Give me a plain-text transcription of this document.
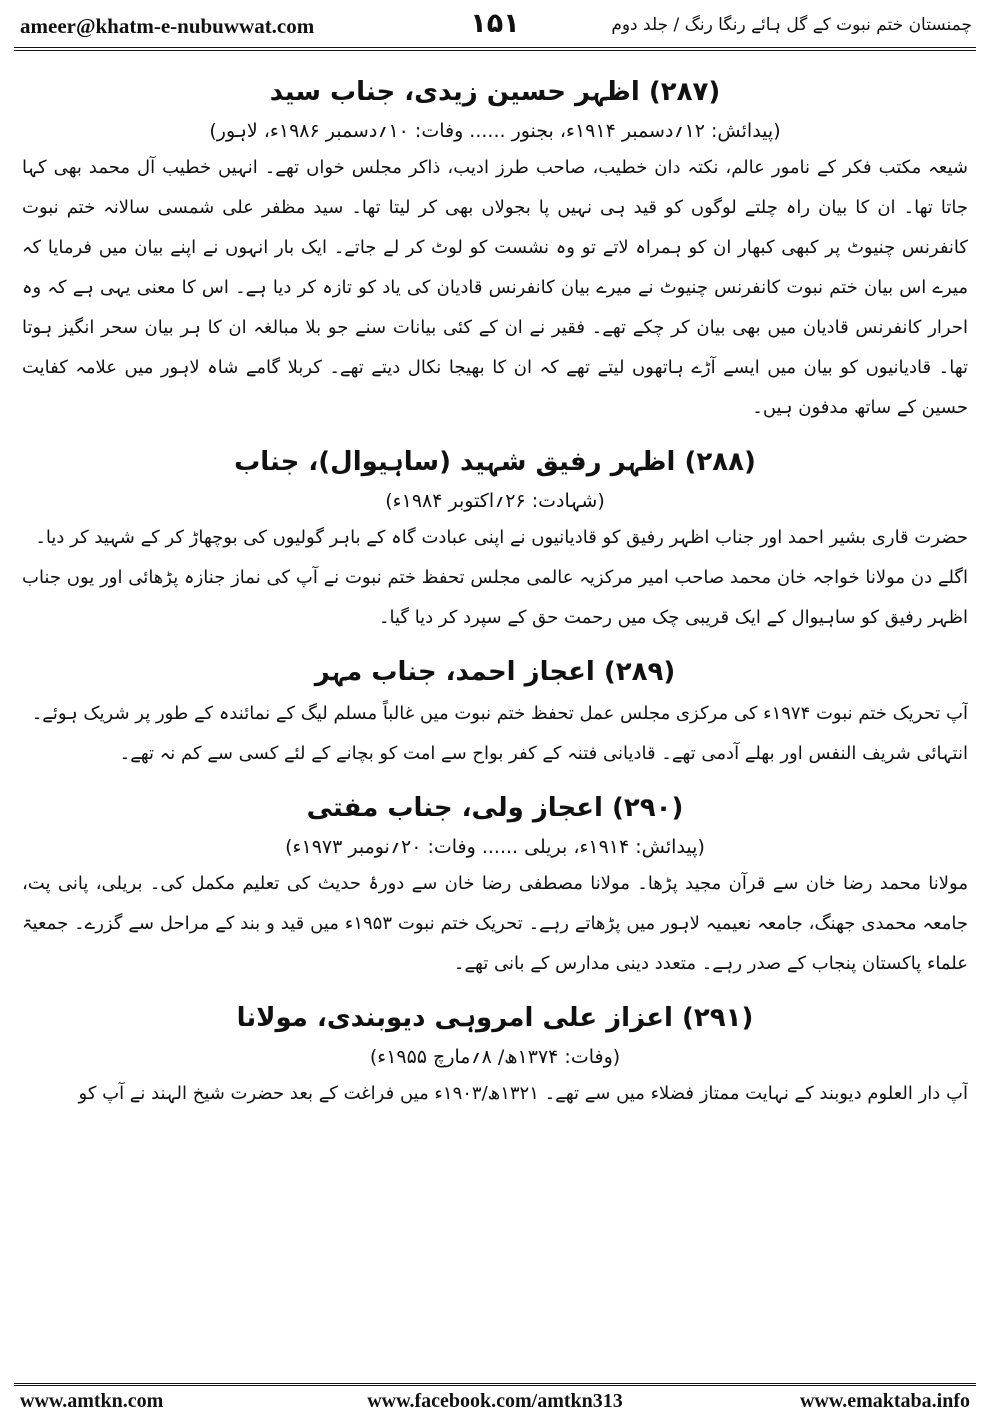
ameer@khatm-e-nubuwwat.com	۱۵۱	چمنستان ختم نبوت کے گل ہائے رنگا رنگ / جلد دوم
(۲۸۷) اظہر حسین زیدی، جناب سید
(پیدائش: ۱۲؍دسمبر ۱۹۱۴ء، بجنور ...... وفات: ۱۰؍دسمبر ۱۹۸۶ء، لاہور)

شیعہ مکتب فکر کے نامور عالم، نکتہ دان خطیب، صاحب طرز ادیب، ذاکر مجلس خواں تھے۔ انہیں خطیب آل محمد بھی کہا جاتا تھا۔ ان کا بیان راہ چلتے لوگوں کو قید ہی نہیں پا بجولاں بھی کر لیتا تھا۔ سید مظفر علی شمسی سالانہ ختم نبوت کانفرنس چنیوٹ پر کبھی کبھار ان کو ہمراہ لاتے تو وہ نشست کو لوٹ کر لے جاتے۔ ایک بار انہوں نے اپنے بیان میں فرمایا کہ میرے اس بیان ختم نبوت کانفرنس چنیوٹ نے میرے بیان کانفرنس قادیان کی یاد کو تازہ کر دیا ہے۔ اس کا معنی یہی ہے کہ وہ احرار کانفرنس قادیان میں بھی بیان کر چکے تھے۔ فقیر نے ان کے کئی بیانات سنے جو بلا مبالغہ ان کا ہر بیان سحر انگیز ہوتا تھا۔ قادیانیوں کو بیان میں ایسے آڑے ہاتھوں لیتے تھے کہ ان کا بھیجا نکال دیتے تھے۔ کربلا گامے شاہ لاہور میں علامہ کفایت حسین کے ساتھ مدفون ہیں۔

(۲۸۸) اظہر رفیق شہید (ساہیوال)، جناب
(شہادت: ۲۶؍اکتوبر ۱۹۸۴ء)

حضرت قاری بشیر احمد اور جناب اظہر رفیق کو قادیانیوں نے اپنی عبادت گاہ کے باہر گولیوں کی بوچھاڑ کر کے شہید کر دیا۔

اگلے دن مولانا خواجہ خان محمد صاحب امیر مرکزیہ عالمی مجلس تحفظ ختم نبوت نے آپ کی نماز جنازہ پڑھائی اور یوں جناب اظہر رفیق کو ساہیوال کے ایک قریبی چک میں رحمت حق کے سپرد کر دیا گیا۔

(۲۸۹) اعجاز احمد، جناب مہر

آپ تحریک ختم نبوت ۱۹۷۴ء کی مرکزی مجلس عمل تحفظ ختم نبوت میں غالباً مسلم لیگ کے نمائندہ کے طور پر شریک ہوئے۔

انتہائی شریف النفس اور بھلے آدمی تھے۔ قادیانی فتنہ کے کفر بواح سے امت کو بچانے کے لئے کسی سے کم نہ تھے۔

(۲۹۰) اعجاز ولی، جناب مفتی
(پیدائش: ۱۹۱۴ء، بریلی ...... وفات: ۲۰؍نومبر ۱۹۷۳ء)

مولانا محمد رضا خان سے قرآن مجید پڑھا۔ مولانا مصطفی رضا خان سے دورۂ حدیث کی تعلیم مکمل کی۔ بریلی، پانی پت، جامعہ محمدی جھنگ، جامعہ نعیمیہ لاہور میں پڑھاتے رہے۔ تحریک ختم نبوت ۱۹۵۳ء میں قید و بند کے مراحل سے گزرے۔ جمعیۃ علماء پاکستان پنجاب کے صدر رہے۔ متعدد دینی مدارس کے بانی تھے۔

(۲۹۱) اعزاز علی امروہی دیوبندی، مولانا
(وفات: ۱۳۷۴ھ/ ۸؍مارچ ۱۹۵۵ء)

آپ دار العلوم دیوبند کے نہایت ممتاز فضلاء میں سے تھے۔ ۱۳۲۱ھ/۱۹۰۳ء میں فراغت کے بعد حضرت شیخ الہند نے آپ کو

www.amtkn.com	www.facebook.com/amtkn313	www.emaktaba.info
